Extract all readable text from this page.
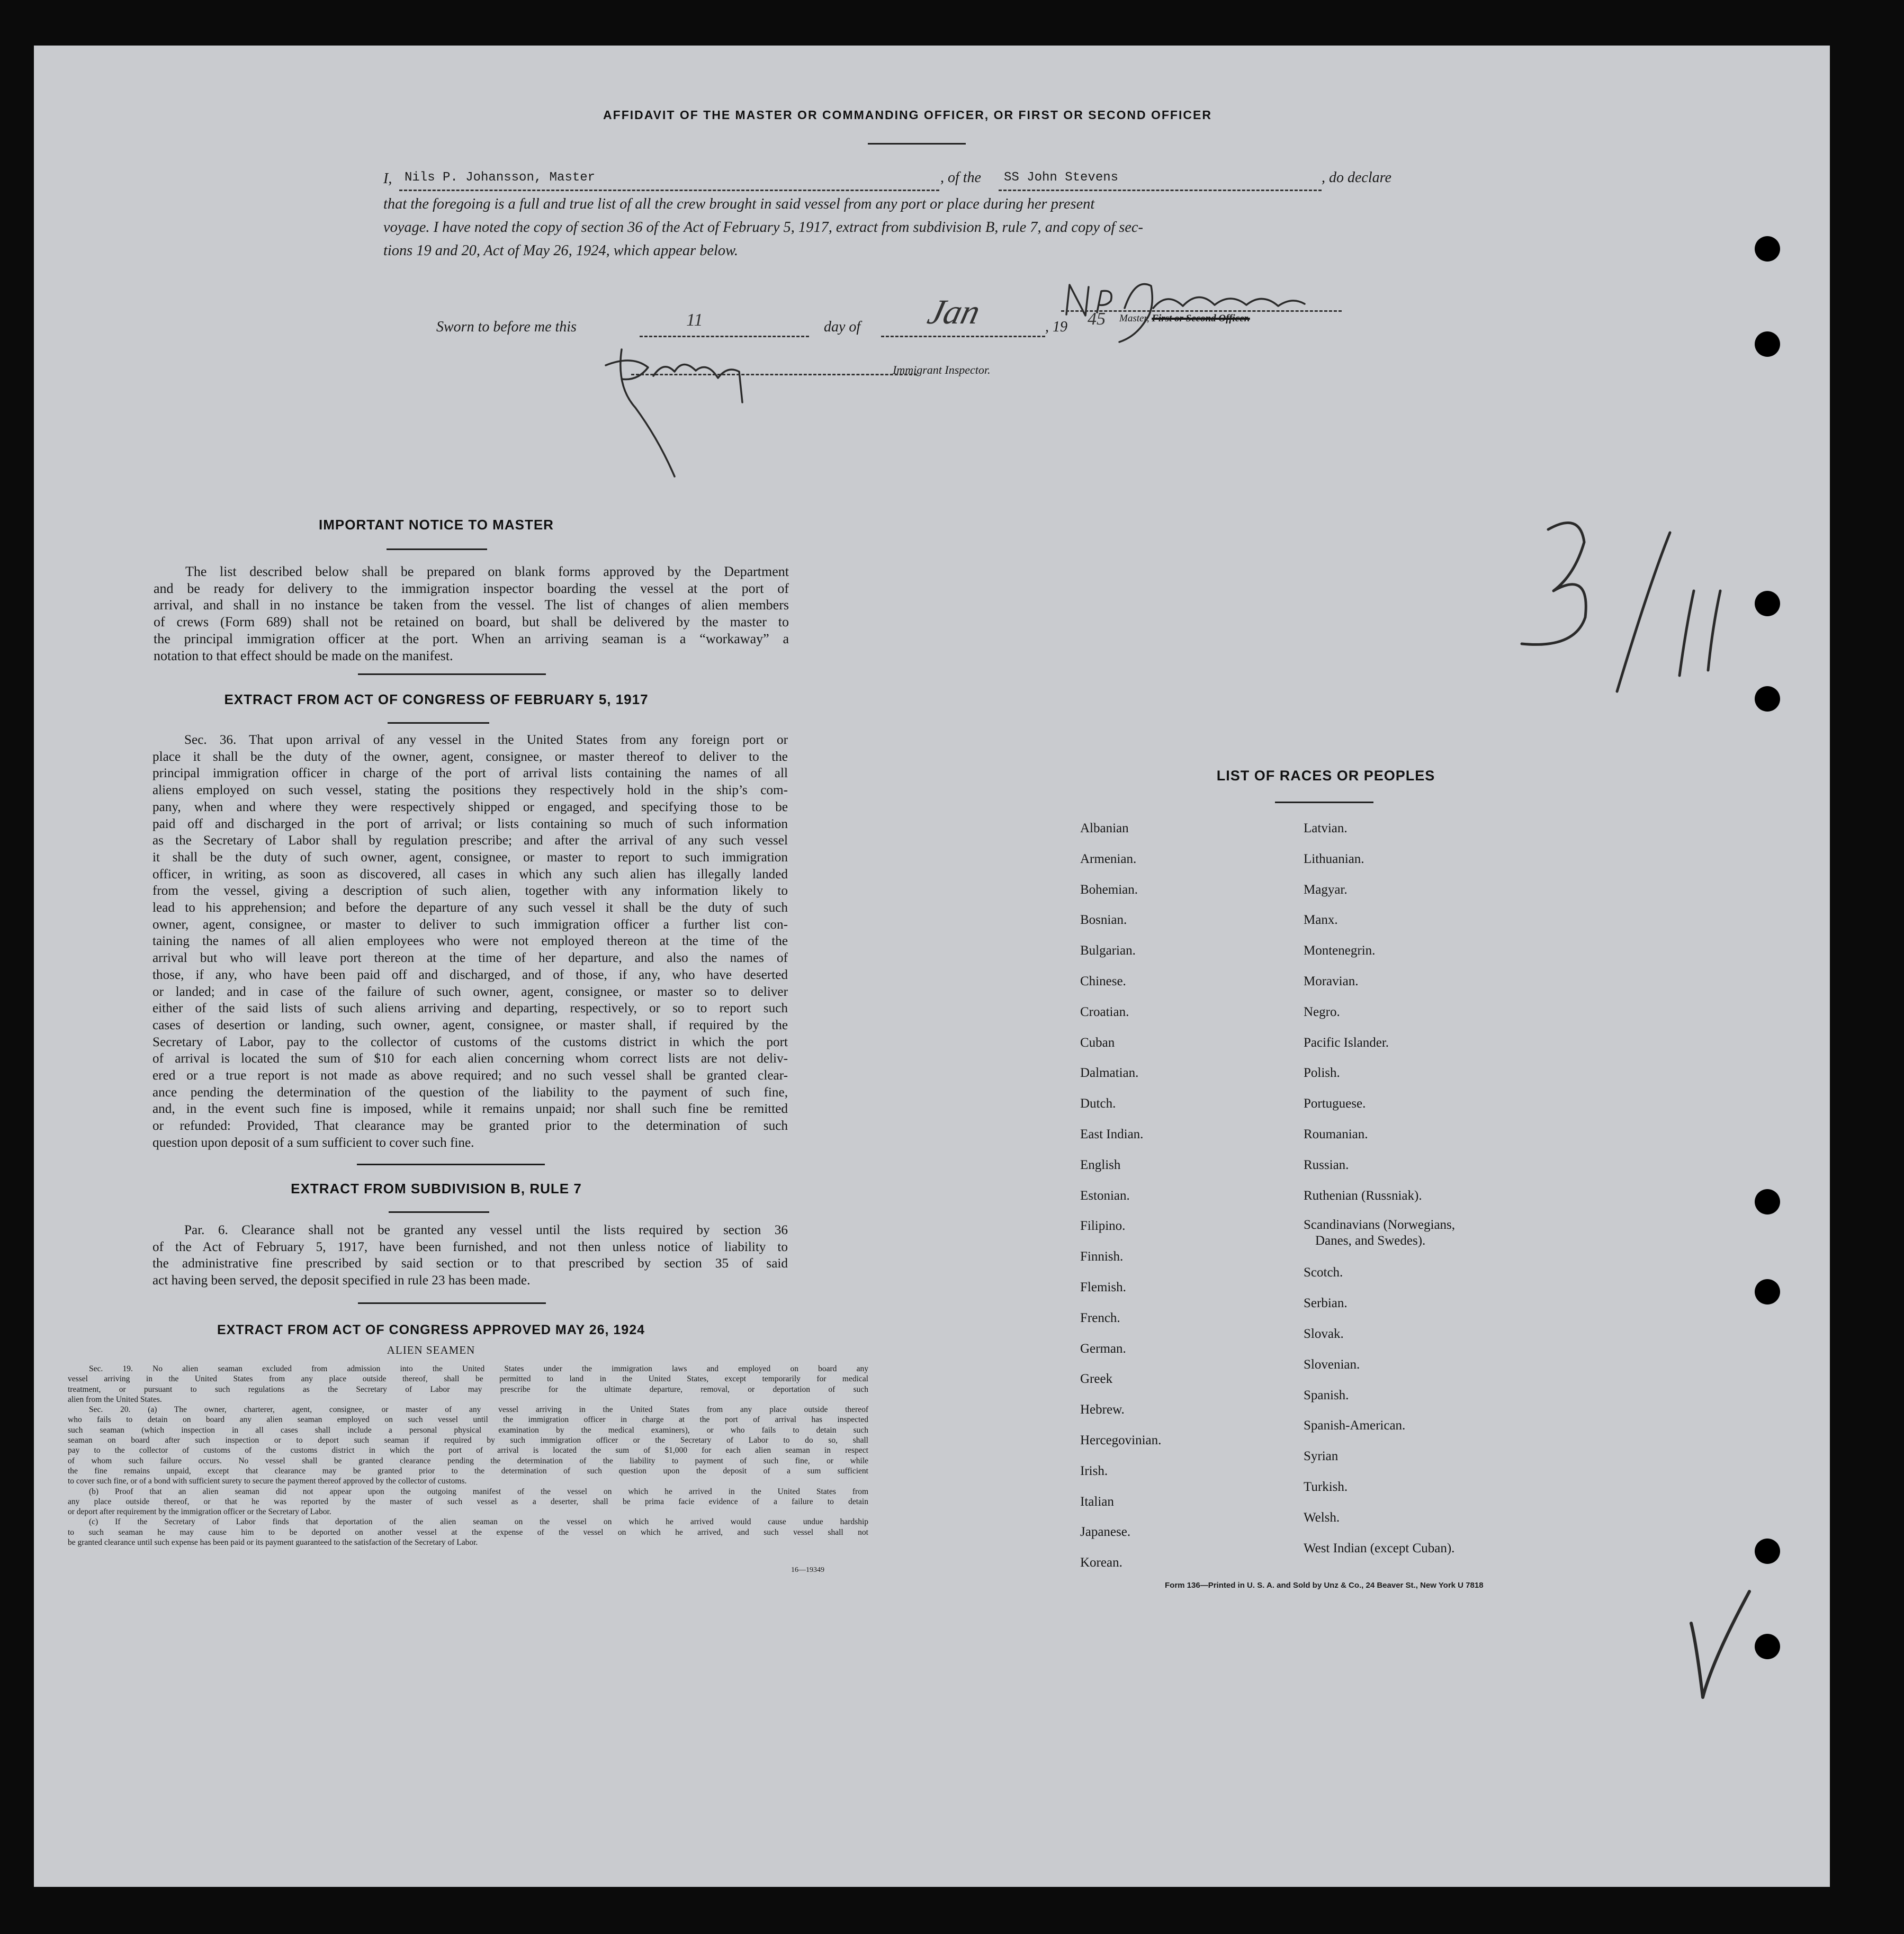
AFFIDAVIT OF THE MASTER OR COMMANDING OFFICER, OR FIRST OR SECOND OFFICER
I, Nils P. Johansson, Master	, of the SS John Stevens	, do declare
that the foregoing is a full and true list of all the crew brought in said vessel from any port or place during her present
voyage. I have noted the copy of section 36 of the Act of February 5, 1917, extract from subdivision B, rule 7, and copy of sec-
tions 19 and 20, Act of May 26, 1924, which appear below.
Master, First or Second Officer.
Sworn to before me this	11	day of Jan	, 19 45
Immigrant Inspector.
IMPORTANT NOTICE TO MASTER
The list described below shall be prepared on blank forms approved by the Department
and be ready for delivery to the immigration inspector boarding the vessel at the port of
arrival, and shall in no instance be taken from the vessel. The list of changes of alien members
of crews (Form 689) shall not be retained on board, but shall be delivered by the master to
the principal immigration officer at the port. When an arriving seaman is a “workaway” a
notation to that effect should be made on the manifest.
EXTRACT FROM ACT OF CONGRESS OF FEBRUARY 5, 1917
Sec. 36. That upon arrival of any vessel in the United States from any foreign port or
place it shall be the duty of the owner, agent, consignee, or master thereof to deliver to the
principal immigration officer in charge of the port of arrival lists containing the names of all
aliens employed on such vessel, stating the positions they respectively hold in the ship’s com-
pany, when and where they were respectively shipped or engaged, and specifying those to be
paid off and discharged in the port of arrival; or lists containing so much of such information
as the Secretary of Labor shall by regulation prescribe; and after the arrival of any such vessel
it shall be the duty of such owner, agent, consignee, or master to report to such immigration
officer, in writing, as soon as discovered, all cases in which any such alien has illegally landed
from the vessel, giving a description of such alien, together with any information likely to
lead to his apprehension; and before the departure of any such vessel it shall be the duty of such
owner, agent, consignee, or master to deliver to such immigration officer a further list con-
taining the names of all alien employees who were not employed thereon at the time of the
arrival but who will leave port thereon at the time of her departure, and also the names of
those, if any, who have been paid off and discharged, and of those, if any, who have deserted
or landed; and in case of the failure of such owner, agent, consignee, or master so to deliver
either of the said lists of such aliens arriving and departing, respectively, or so to report such
cases of desertion or landing, such owner, agent, consignee, or master shall, if required by the
Secretary of Labor, pay to the collector of customs of the customs district in which the port
of arrival is located the sum of $10 for each alien concerning whom correct lists are not deliv-
ered or a true report is not made as above required; and no such vessel shall be granted clear-
ance pending the determination of the question of the liability to the payment of such fine,
and, in the event such fine is imposed, while it remains unpaid; nor shall such fine be remitted
or refunded: Provided, That clearance may be granted prior to the determination of such
question upon deposit of a sum sufficient to cover such fine.
EXTRACT FROM SUBDIVISION B, RULE 7
Par. 6. Clearance shall not be granted any vessel until the lists required by section 36
of the Act of February 5, 1917, have been furnished, and not then unless notice of liability to
the administrative fine prescribed by said section or to that prescribed by section 35 of said
act having been served, the deposit specified in rule 23 has been made.
EXTRACT FROM ACT OF CONGRESS APPROVED MAY 26, 1924
ALIEN SEAMEN
Sec. 19. No alien seaman excluded from admission into the United States under the immigration laws and employed on board any
vessel arriving in the United States from any place outside thereof, shall be permitted to land in the United States, except temporarily for medical
treatment, or pursuant to such regulations as the Secretary of Labor may prescribe for the ultimate departure, removal, or deportation of such
alien from the United States.
Sec. 20. (a) The owner, charterer, agent, consignee, or master of any vessel arriving in the United States from any place outside thereof
who fails to detain on board any alien seaman employed on such vessel until the immigration officer in charge at the port of arrival has inspected
such seaman (which inspection in all cases shall include a personal physical examination by the medical examiners), or who fails to detain such
seaman on board after such inspection or to deport such seaman if required by such immigration officer or the Secretary of Labor to do so, shall
pay to the collector of customs of the customs district in which the port of arrival is located the sum of $1,000 for each alien seaman in respect
of whom such failure occurs. No vessel shall be granted clearance pending the determination of the liability to payment of such fine, or while
the fine remains unpaid, except that clearance may be granted prior to the determination of such question upon the deposit of a sum sufficient
to cover such fine, or of a bond with sufficient surety to secure the payment thereof approved by the collector of customs.
(b) Proof that an alien seaman did not appear upon the outgoing manifest of the vessel on which he arrived in the United States from
any place outside thereof, or that he was reported by the master of such vessel as a deserter, shall be prima facie evidence of a failure to detain
or deport after requirement by the immigration officer or the Secretary of Labor.
(c) If the Secretary of Labor finds that deportation of the alien seaman on the vessel on which he arrived would cause undue hardship
to such seaman he may cause him to be deported on another vessel at the expense of the vessel on which he arrived, and such vessel shall not
be granted clearance until such expense has been paid or its payment guaranteed to the satisfaction of the Secretary of Labor.
16—19349
LIST OF RACES OR PEOPLES
Albanian
Armenian.
Bohemian.
Bosnian.
Bulgarian.
Chinese.
Croatian.
Cuban
Dalmatian.
Dutch.
East Indian.
English
Estonian.
Filipino.
Finnish.
Flemish.
French.
German.
Greek
Hebrew.
Hercegovinian.
Irish.
Italian
Japanese.
Korean.
Latvian.
Lithuanian.
Magyar.
Manx.
Montenegrin.
Moravian.
Negro.
Pacific Islander.
Polish.
Portuguese.
Roumanian.
Russian.
Ruthenian (Russniak).
Scandinavians (Norwegians,
Danes, and Swedes).
Scotch.
Serbian.
Slovak.
Slovenian.
Spanish.
Spanish-American.
Syrian
Turkish.
Welsh.
West Indian (except Cuban).
Form 136—Printed in U. S. A. and Sold by Unz & Co., 24 Beaver St., New York U 7818
